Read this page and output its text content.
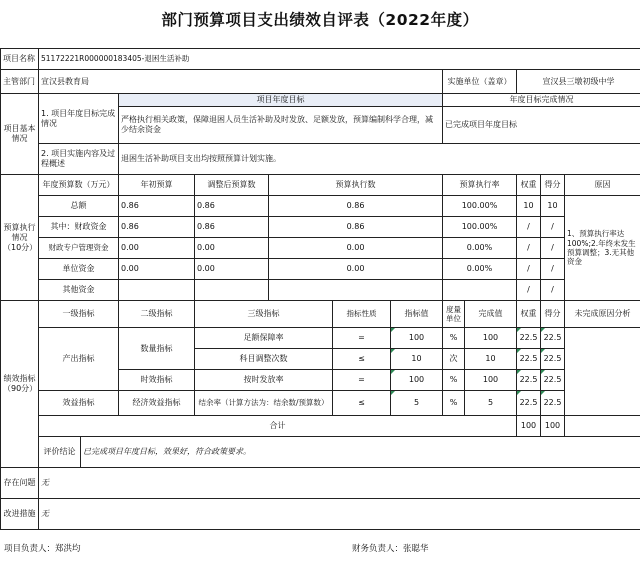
部门预算项目支出绩效自评表（2022年度）
项目名称	51172221R000000183405-退困生活补助											
主管部门	宣汉县教育局							实施单位（盖章）		宣汉县三墩初级中学		
项目基本情况	1. 项目年度目标完成情况		项目年度目标					年度目标完成情况				
			严格执行相关政策，保障退困人员生活补助及时发放、足额发放，预算编制科学合理，减少结余资金					已完成项目年度目标				
	2. 项目实施内容及过程概述		退困生活补助项目支出均按照预算计划实施。									
预算执行情况（10分）	年度预算数（万元）		年初预算	调整后预算数	预算执行数			预算执行率		权重	得分	原因
	总额		0.86	0.86	0.86			100.00%		10	10	1、预算执行率达100%;2.年终未发生预算调整；3.无其他资金
	其中：财政资金		0.86	0.86	0.86			100.00%		/	/	
	财政专户管理资金		0.00	0.00	0.00			0.00%		/	/	
	单位资金		0.00	0.00	0.00			0.00%		/	/	
	其他资金									/	/	
绩效指标（90分）	一级指标		二级指标	三级指标		指标性质	指标值	度量单位	完成值	权重	得分	未完成原因分析
	产出指标		数量指标	足额保障率		=	100	%	100	22.5	22.5	
				科目调整次数		≤	10	次	10	22.5	22.5	
			时效指标	按时发放率		=	100	%	100	22.5	22.5	
	效益指标		经济效益指标	结余率（计算方法为：结余数/预算数）		≤	5	%	5	22.5	22.5	
	合计									100	100	
	评价结论	已完成项目年度目标，效果好，符合政策要求。										
存在问题	无											
改进措施	无											
项目负责人：郑洪均	财务负责人：张聪华
